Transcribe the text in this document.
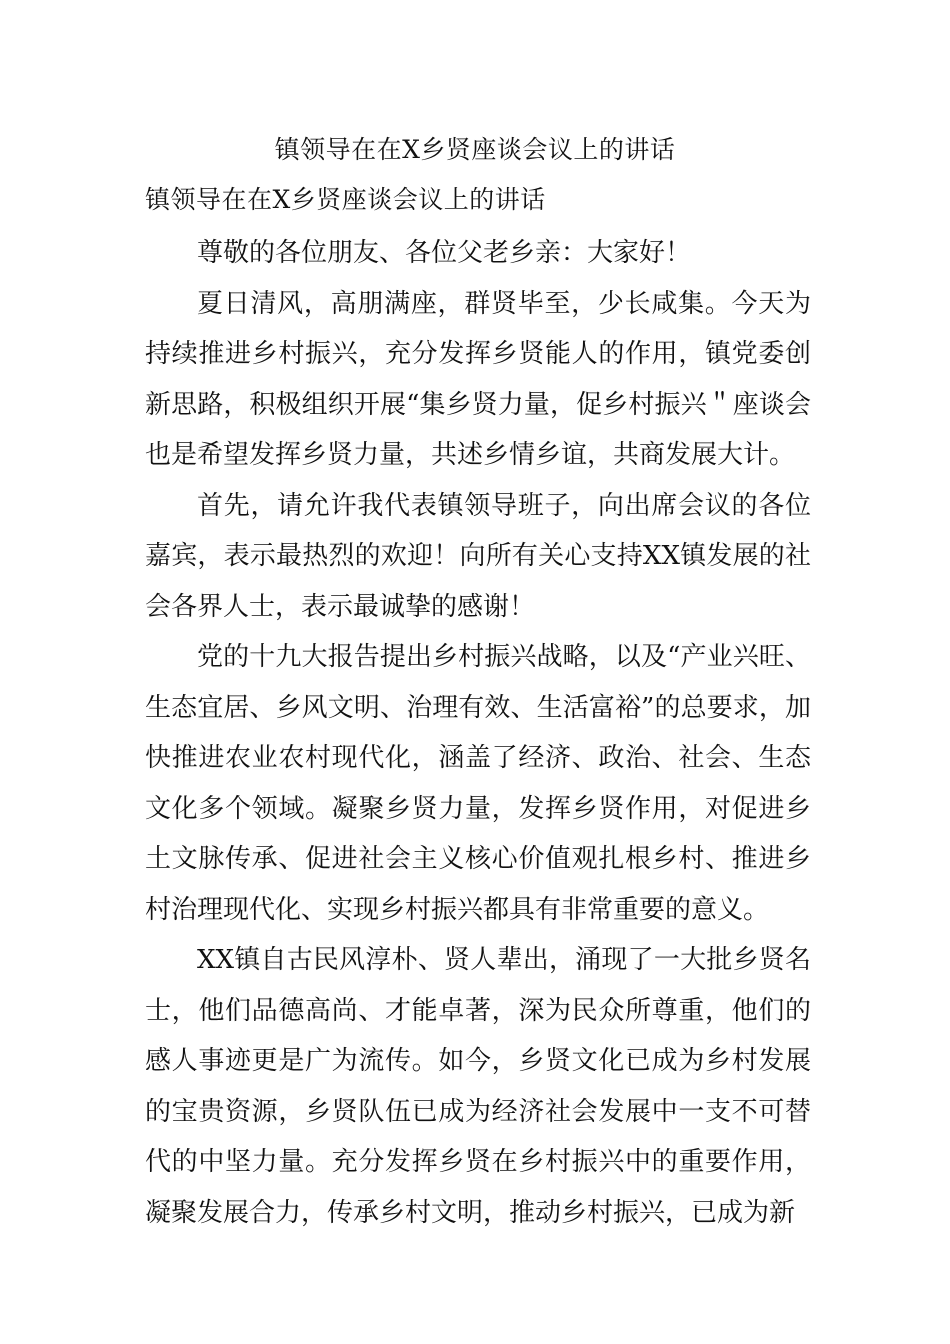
镇领导在在X乡贤座谈会议上的讲话
镇领导在在X乡贤座谈会议上的讲话

尊敬的各位朋友、各位父老乡亲：大家好！

夏日清风，高朋满座，群贤毕至，少长咸集。今天为持续推进乡村振兴，充分发挥乡贤能人的作用，镇党委创新思路，积极组织开展“集乡贤力量，促乡村振兴＂座谈会也是希望发挥乡贤力量，共述乡情乡谊，共商发展大计。

首先，请允许我代表镇领导班子，向出席会议的各位嘉宾，表示最热烈的欢迎！向所有关心支持XX镇发展的社会各界人士，表示最诚挚的感谢！

党的十九大报告提出乡村振兴战略，以及“产业兴旺、生态宜居、乡风文明、治理有效、生活富裕”的总要求，加快推进农业农村现代化，涵盖了经济、政治、社会、生态文化多个领域。凝聚乡贤力量，发挥乡贤作用，对促进乡土文脉传承、促进社会主义核心价值观扎根乡村、推进乡村治理现代化、实现乡村振兴都具有非常重要的意义。

XX镇自古民风淳朴、贤人辈出，涌现了一大批乡贤名士，他们品德高尚、才能卓著，深为民众所尊重，他们的感人事迹更是广为流传。如今，乡贤文化已成为乡村发展的宝贵资源，乡贤队伍已成为经济社会发展中一支不可替代的中坚力量。充分发挥乡贤在乡村振兴中的重要作用，凝聚发展合力，传承乡村文明，推动乡村振兴，已成为新
